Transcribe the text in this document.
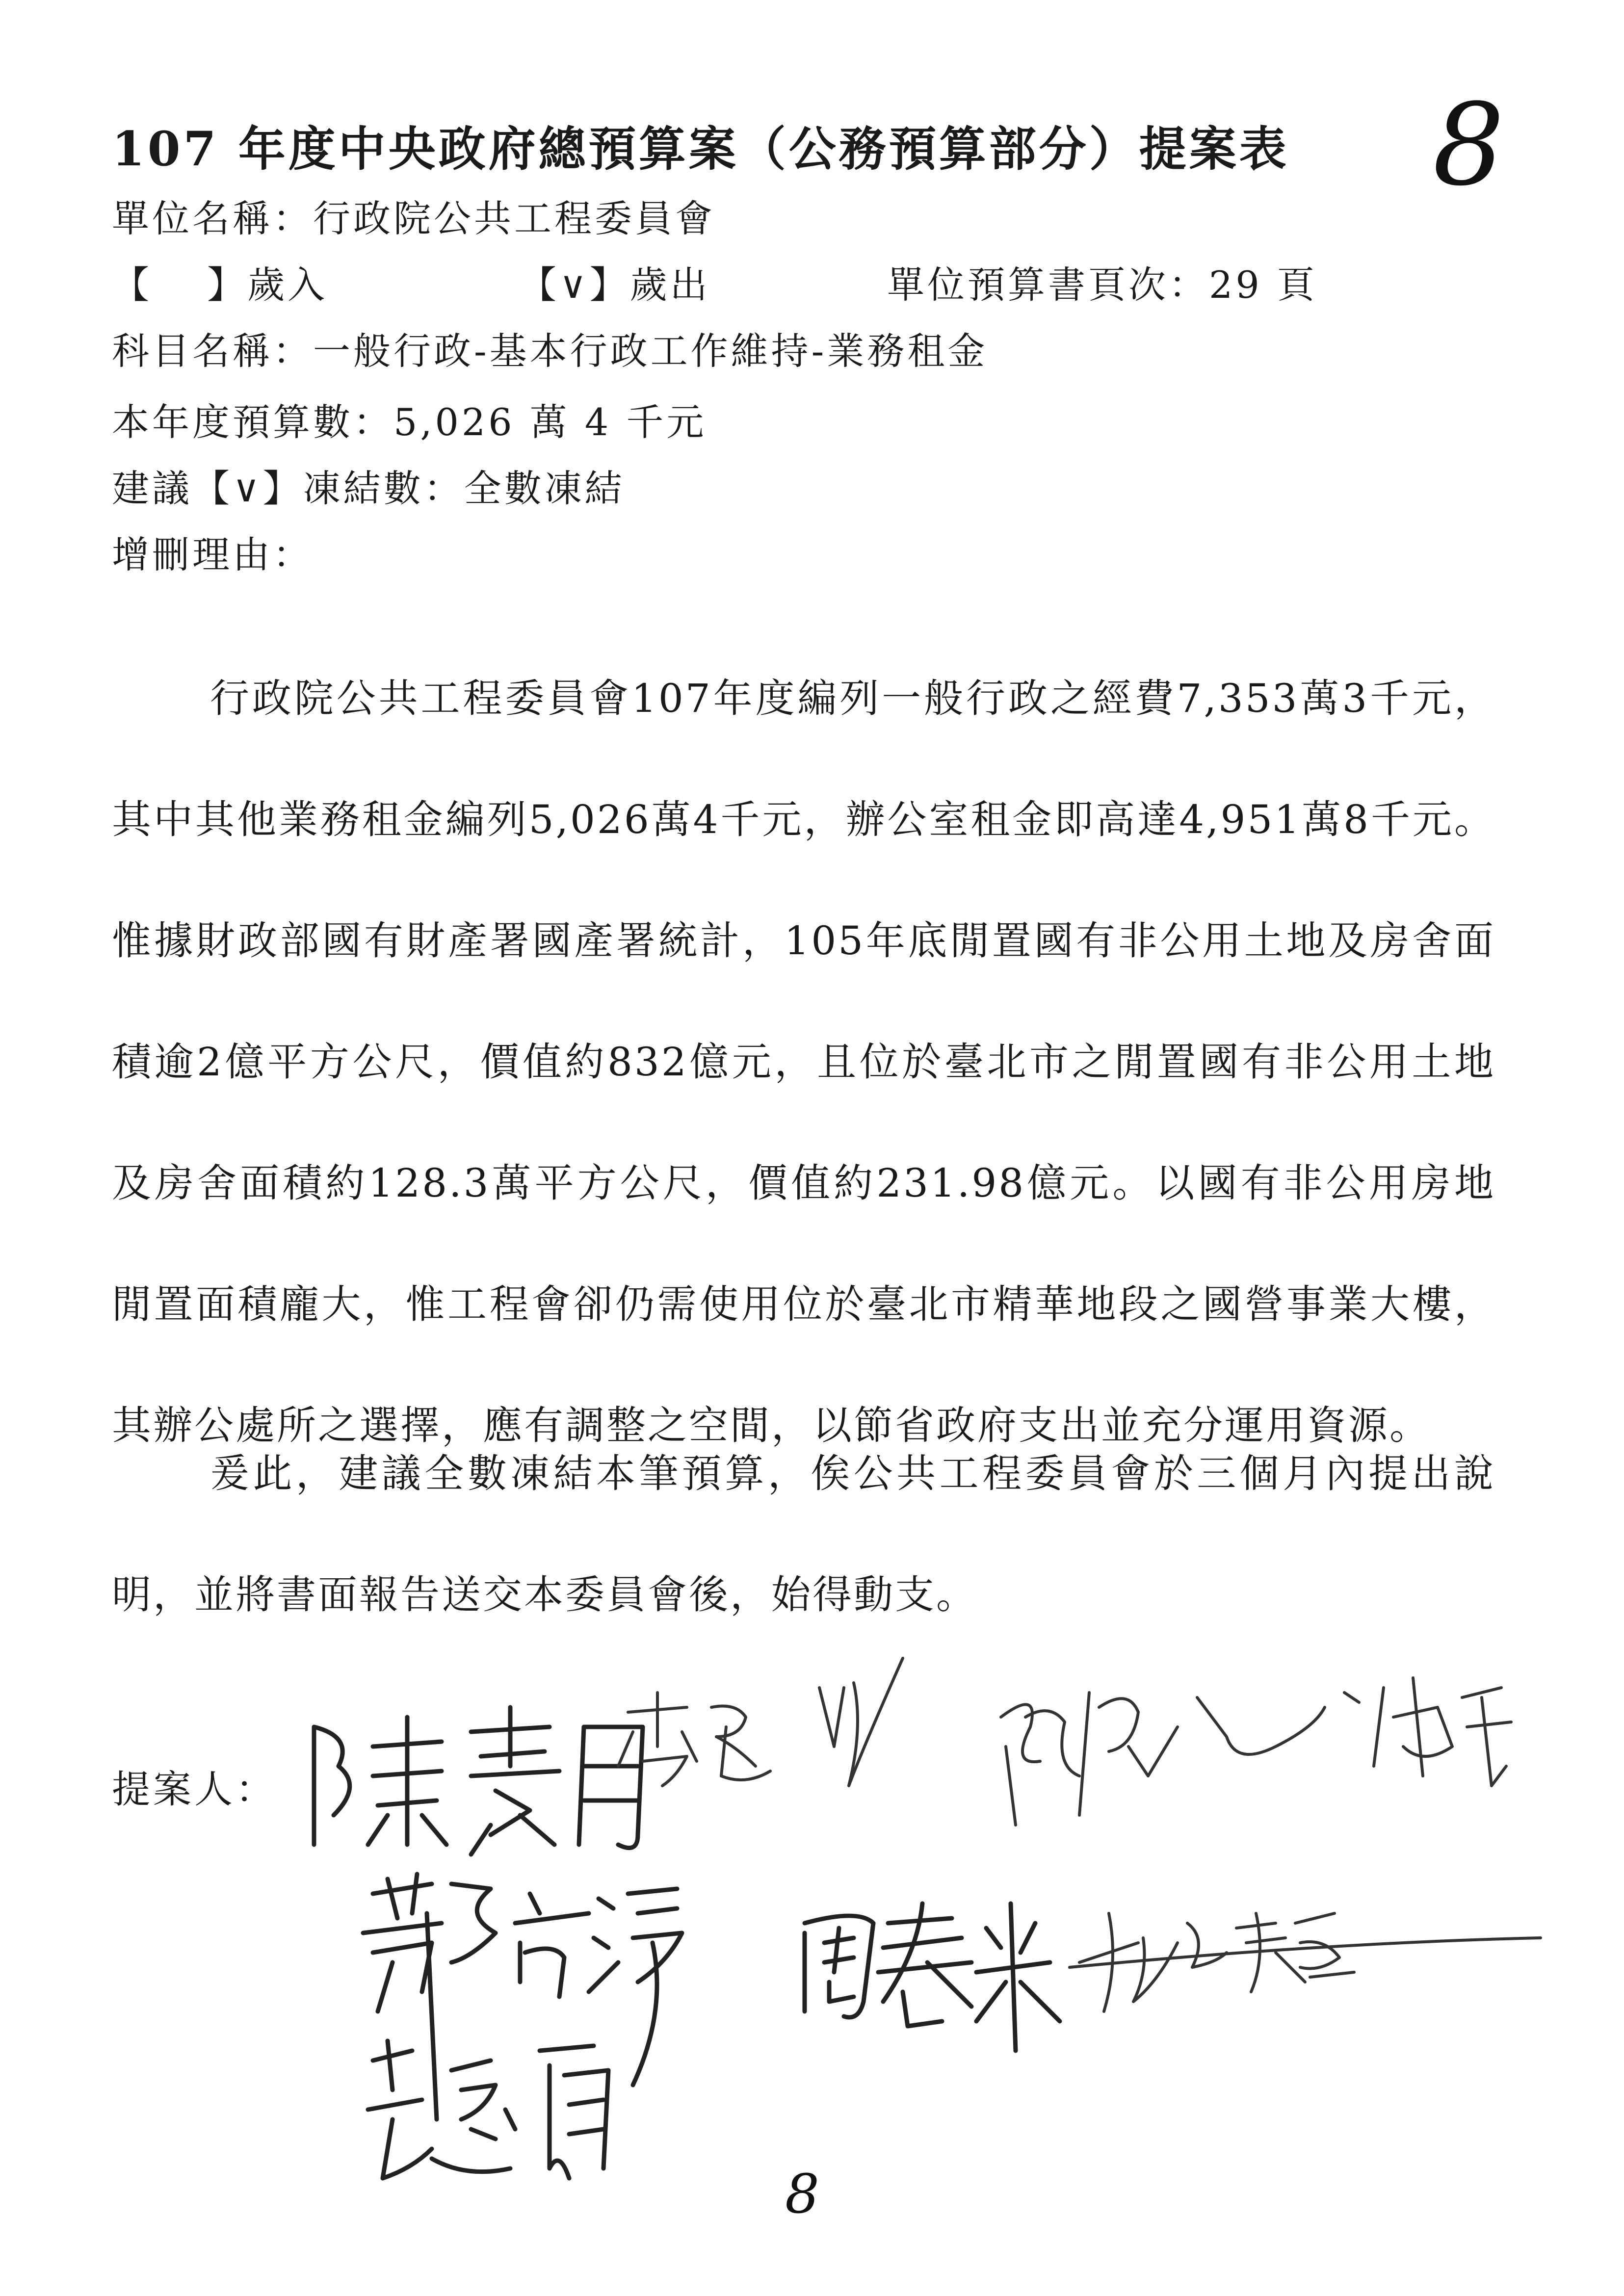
107 年度中央政府總預算案（公務預算部分）提案表 8
單位名稱：行政院公共工程委員會
【　 】歲入	【∨】歲出	單位預算書頁次：29 頁
科目名稱：一般行政-基本行政工作維持-業務租金
本年度預算數：5,026 萬 4 千元
建議【∨】凍結數：全數凍結
增刪理由：
行政院公共工程委員會107年度編列一般行政之經費7,353萬3千元，其中其他業務租金編列5,026萬4千元，辦公室租金即高達4,951萬8千元。惟據財政部國有財產署國產署統計，105年底閒置國有非公用土地及房舍面積逾2億平方公尺，價值約832億元，且位於臺北市之閒置國有非公用土地及房舍面積約128.3萬平方公尺，價值約231.98億元。以國有非公用房地閒置面積龐大，惟工程會卻仍需使用位於臺北市精華地段之國營事業大樓，其辦公處所之選擇，應有調整之空間，以節省政府支出並充分運用資源。
爰此，建議全數凍結本筆預算，俟公共工程委員會於三個月內提出說明，並將書面報告送交本委員會後，始得動支。
提案人：
8
